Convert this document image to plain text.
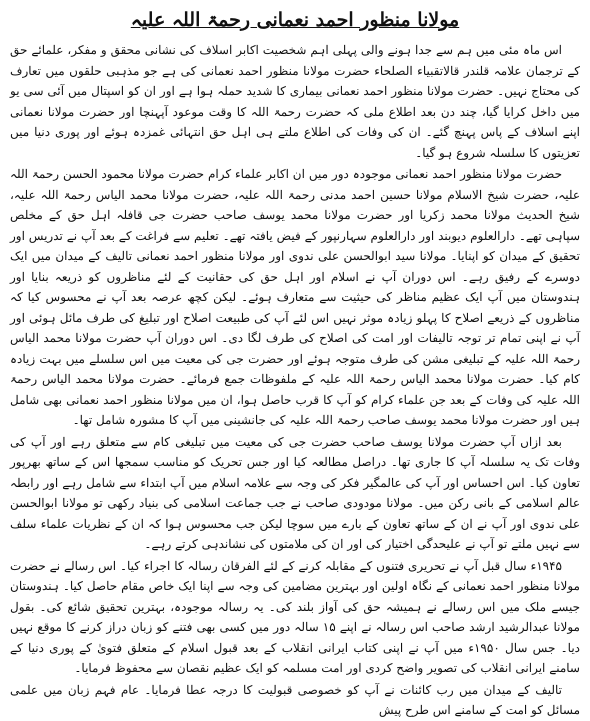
مولانا منظور احمد نعمانی رحمۃ اللہ علیہ

اس ماہ مئی میں ہم سے جدا ہونے والی پہلی اہم شخصیت اکابر اسلاف کی نشانی محقق و مفکر، علمائے حق کے ترجمان علامہ قلندر قالاتقبیاء الصلحاء حضرت مولانا منظور احمد نعمانی کی ہے جو مذہبی حلقوں میں تعارف کی محتاج نہیں۔ حضرت مولانا منظور احمد نعمانی بیماری کا شدید حملہ ہوا ہے اور ان کو اسپتال میں آئی سی یو میں داخل کرایا گیا، چند دن بعد اطلاع ملی کہ حضرت رحمۃ اللہ کا وقت موعود آپہنچا اور حضرت مولانا نعمانی اپنے اسلاف کے پاس پہنچ گئے۔ ان کی وفات کی اطلاع ملتے ہی اہل حق انتہائی غمزدہ ہوئے اور پوری دنیا میں تعزیتوں کا سلسلہ شروع ہو گیا۔

حضرت مولانا منظور احمد نعمانی موجودہ دور میں ان اکابر علماء کرام حضرت مولانا محمود الحسن رحمۃ اللہ علیہ، حضرت شیخ الاسلام مولانا حسین احمد مدنی رحمۃ اللہ علیہ، حضرت مولانا محمد الیاس رحمۃ اللہ علیہ، شیخ الحدیث مولانا محمد زکریا اور حضرت مولانا محمد یوسف صاحب حضرت جی قافلہ اہل حق کے مخلص سپاہی تھے۔ دارالعلوم دیوبند اور دارالعلوم سہارنپور کے فیض یافتہ تھے۔ تعلیم سے فراغت کے بعد آپ نے تدریس اور تحقیق کے میدان کو اپنایا۔ مولانا سید ابوالحسن علی ندوی اور مولانا منظور احمد نعمانی تالیف کے میدان میں ایک دوسرے کے رفیق رہے۔ اس دوران آپ نے اسلام اور اہل حق کی حقانیت کے لئے مناظروں کو ذریعہ بنایا اور ہندوستان میں آپ ایک عظیم مناظر کی حیثیت سے متعارف ہوئے۔ لیکن کچھ عرصہ بعد آپ نے محسوس کیا کہ مناظروں کے ذریعے اصلاح کا پہلو زیادہ موثر نہیں اس لئے آپ کی طبیعت اصلاح اور تبلیغ کی طرف مائل ہوئی اور آپ نے اپنی تمام تر توجہ تالیفات اور امت کی اصلاح کی طرف لگا دی۔ اس دوران آپ حضرت مولانا محمد الیاس رحمۃ اللہ علیہ کے تبلیغی مشن کی طرف متوجہ ہوئے اور حضرت جی کی معیت میں اس سلسلے میں بہت زیادہ کام کیا۔ حضرت مولانا محمد الیاس رحمۃ اللہ علیہ کے ملفوظات جمع فرمائے۔ حضرت مولانا محمد الیاس رحمۃ اللہ علیہ کی وفات کے بعد جن علماء کرام کو آپ کا قرب حاصل ہوا، ان میں مولانا منظور احمد نعمانی بھی شامل ہیں اور حضرت مولانا محمد یوسف صاحب رحمۃ اللہ علیہ کی جانشینی میں آپ کا مشورہ شامل تھا۔

بعد ازاں آپ حضرت مولانا یوسف صاحب حضرت جی کی معیت میں تبلیغی کام سے متعلق رہے اور آپ کی وفات تک یہ سلسلہ آپ کا جاری تھا۔ دراصل مطالعہ کیا اور جس تحریک کو مناسب سمجھا اس کے ساتھ بھرپور تعاون کیا۔ اس احساس اور آپ کی عالمگیر فکر کی وجہ سے علامہ اسلام میں آپ ابتداء سے شامل رہے اور رابطہ عالم اسلامی کے بانی رکن میں۔ مولانا مودودی صاحب نے جب جماعت اسلامی کی بنیاد رکھی تو مولانا ابوالحسن علی ندوی اور آپ نے ان کے ساتھ تعاون کے بارے میں سوچا لیکن جب محسوس ہوا کہ ان کے نظریات علماء سلف سے نہیں ملتے تو آپ نے علیحدگی اختیار کی اور ان کی ملامتوں کی نشاندہی کرتے رہے۔

۱۹۴۵ء سال قبل آپ نے تحریری فتنوں کے مقابلہ کرنے کے لئے الفرقان رسالہ کا اجراء کیا۔ اس رسالے نے حضرت مولانا منظور احمد نعمانی کے نگاہ اولین اور بہترین مضامین کی وجہ سے اپنا ایک خاص مقام حاصل کیا۔ ہندوستان جیسے ملک میں اس رسالے نے ہمیشہ حق کی آواز بلند کی۔ یہ رسالہ موجودہ، بہترین تحقیق شائع کی۔ بقول مولانا عبدالرشید ارشد صاحب اس رسالہ نے اپنے ۱۵ سالہ دور میں کسی بھی فتنے کو زبان دراز کرنے کا موقع نہیں دیا۔ جس سال ۱۹۵۰ء میں آپ نے اپنی کتاب ایرانی انقلاب کے بعد قبول اسلام کے متعلق فتویٰ کے پوری دنیا کے سامنے ایرانی انقلاب کی تصویر واضح کردی اور امت مسلمہ کو ایک عظیم نقصان سے محفوظ فرمایا۔

تالیف کے میدان میں رب کائنات نے آپ کو خصوصی قبولیت کا درجہ عطا فرمایا۔ عام فہم زبان میں علمی مسائل کو امت کے سامنے اس طرح پیش
